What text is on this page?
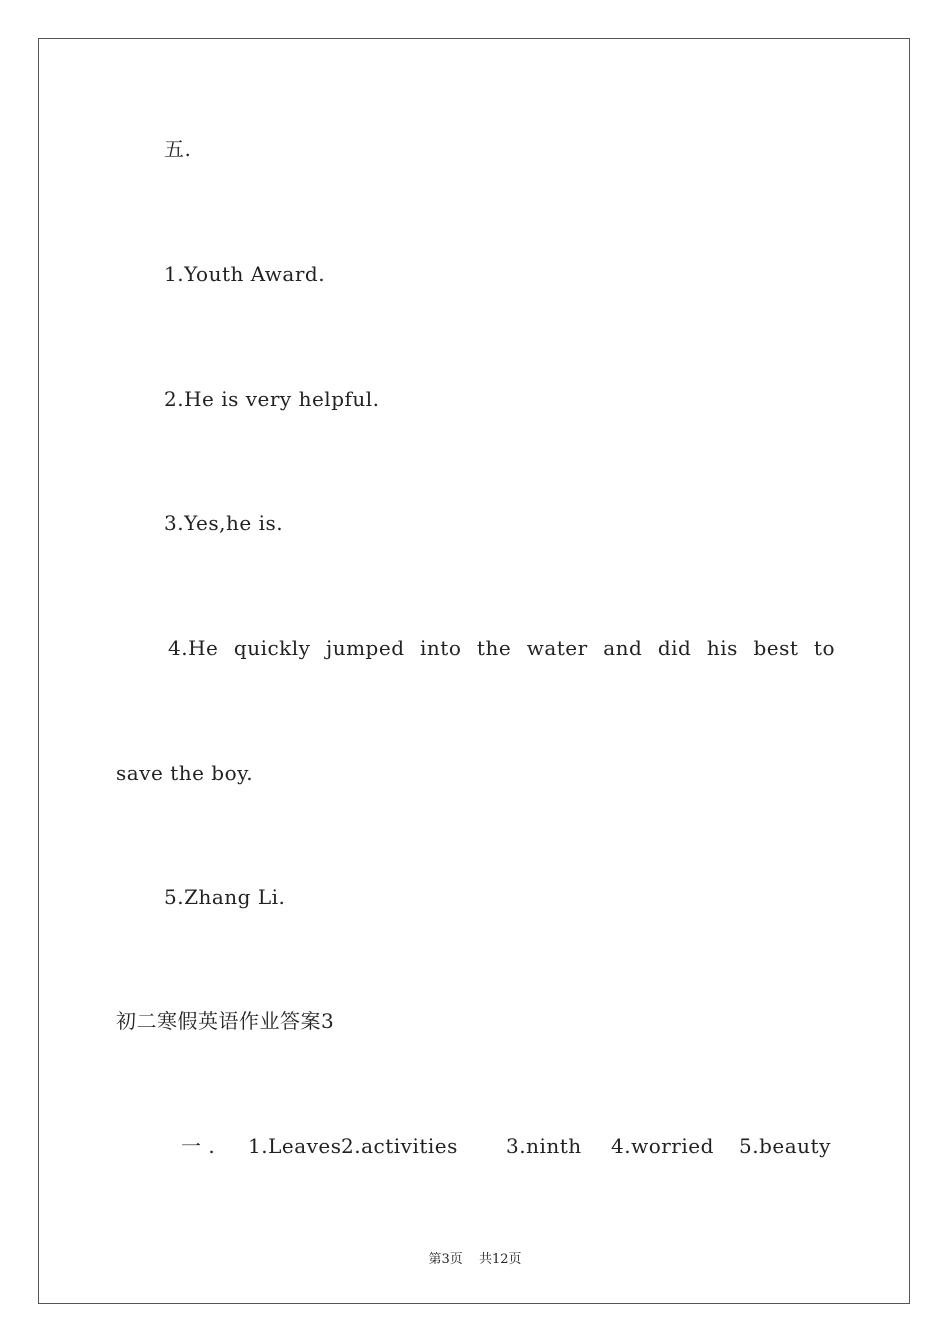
五.
1.Youth Award.
2.He is very helpful.
3.Yes,he is.
4.He quickly jumped into the water and did his best to
save the boy.
5.Zhang Li.
初二寒假英语作业答案3
一 . 1.Leaves 2.activities 3.ninth 4.worried 5.beauty
第3页 共12页
